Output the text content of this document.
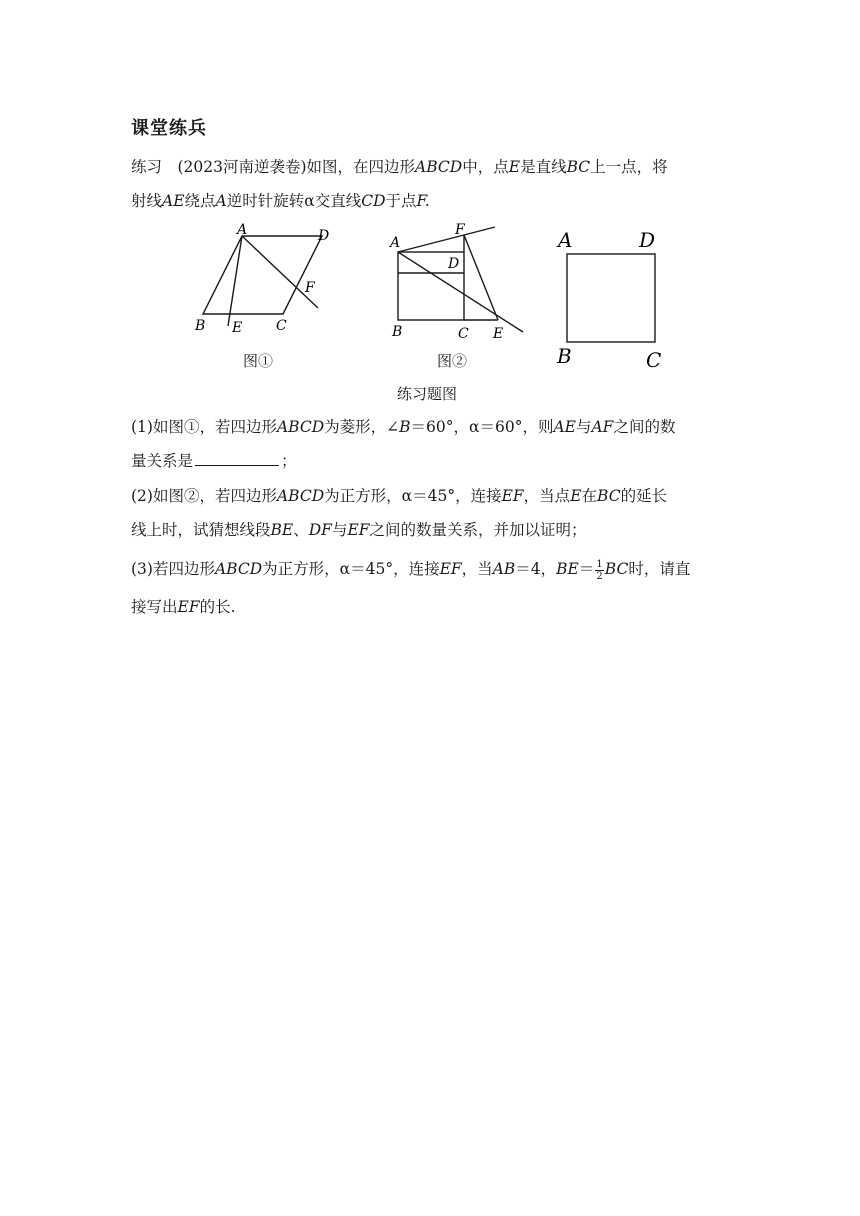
课堂练兵
练习　(2023河南逆袭卷)如图，在四边形ABCD中，点E是直线BC上一点，将
射线AE绕点A逆时针旋转α交直线CD于点F.
A	D
F
B E C
A
F
D
B	C E
A	D
B	C
图①	图②
练习题图
(1)如图①，若四边形ABCD为菱形，∠B＝60°，α＝60°，则AE与AF之间的数
量关系是	；
(2)如图②，若四边形ABCD为正方形，α＝45°，连接EF，当点E在BC的延长
线上时，试猜想线段BE、DF与EF之间的数量关系，并加以证明；
(3)若四边形ABCD为正方形，α＝45°，连接EF，当AB＝4，$BE= \frac{1}{2}$ BC时，请直
接写出EF的长.
